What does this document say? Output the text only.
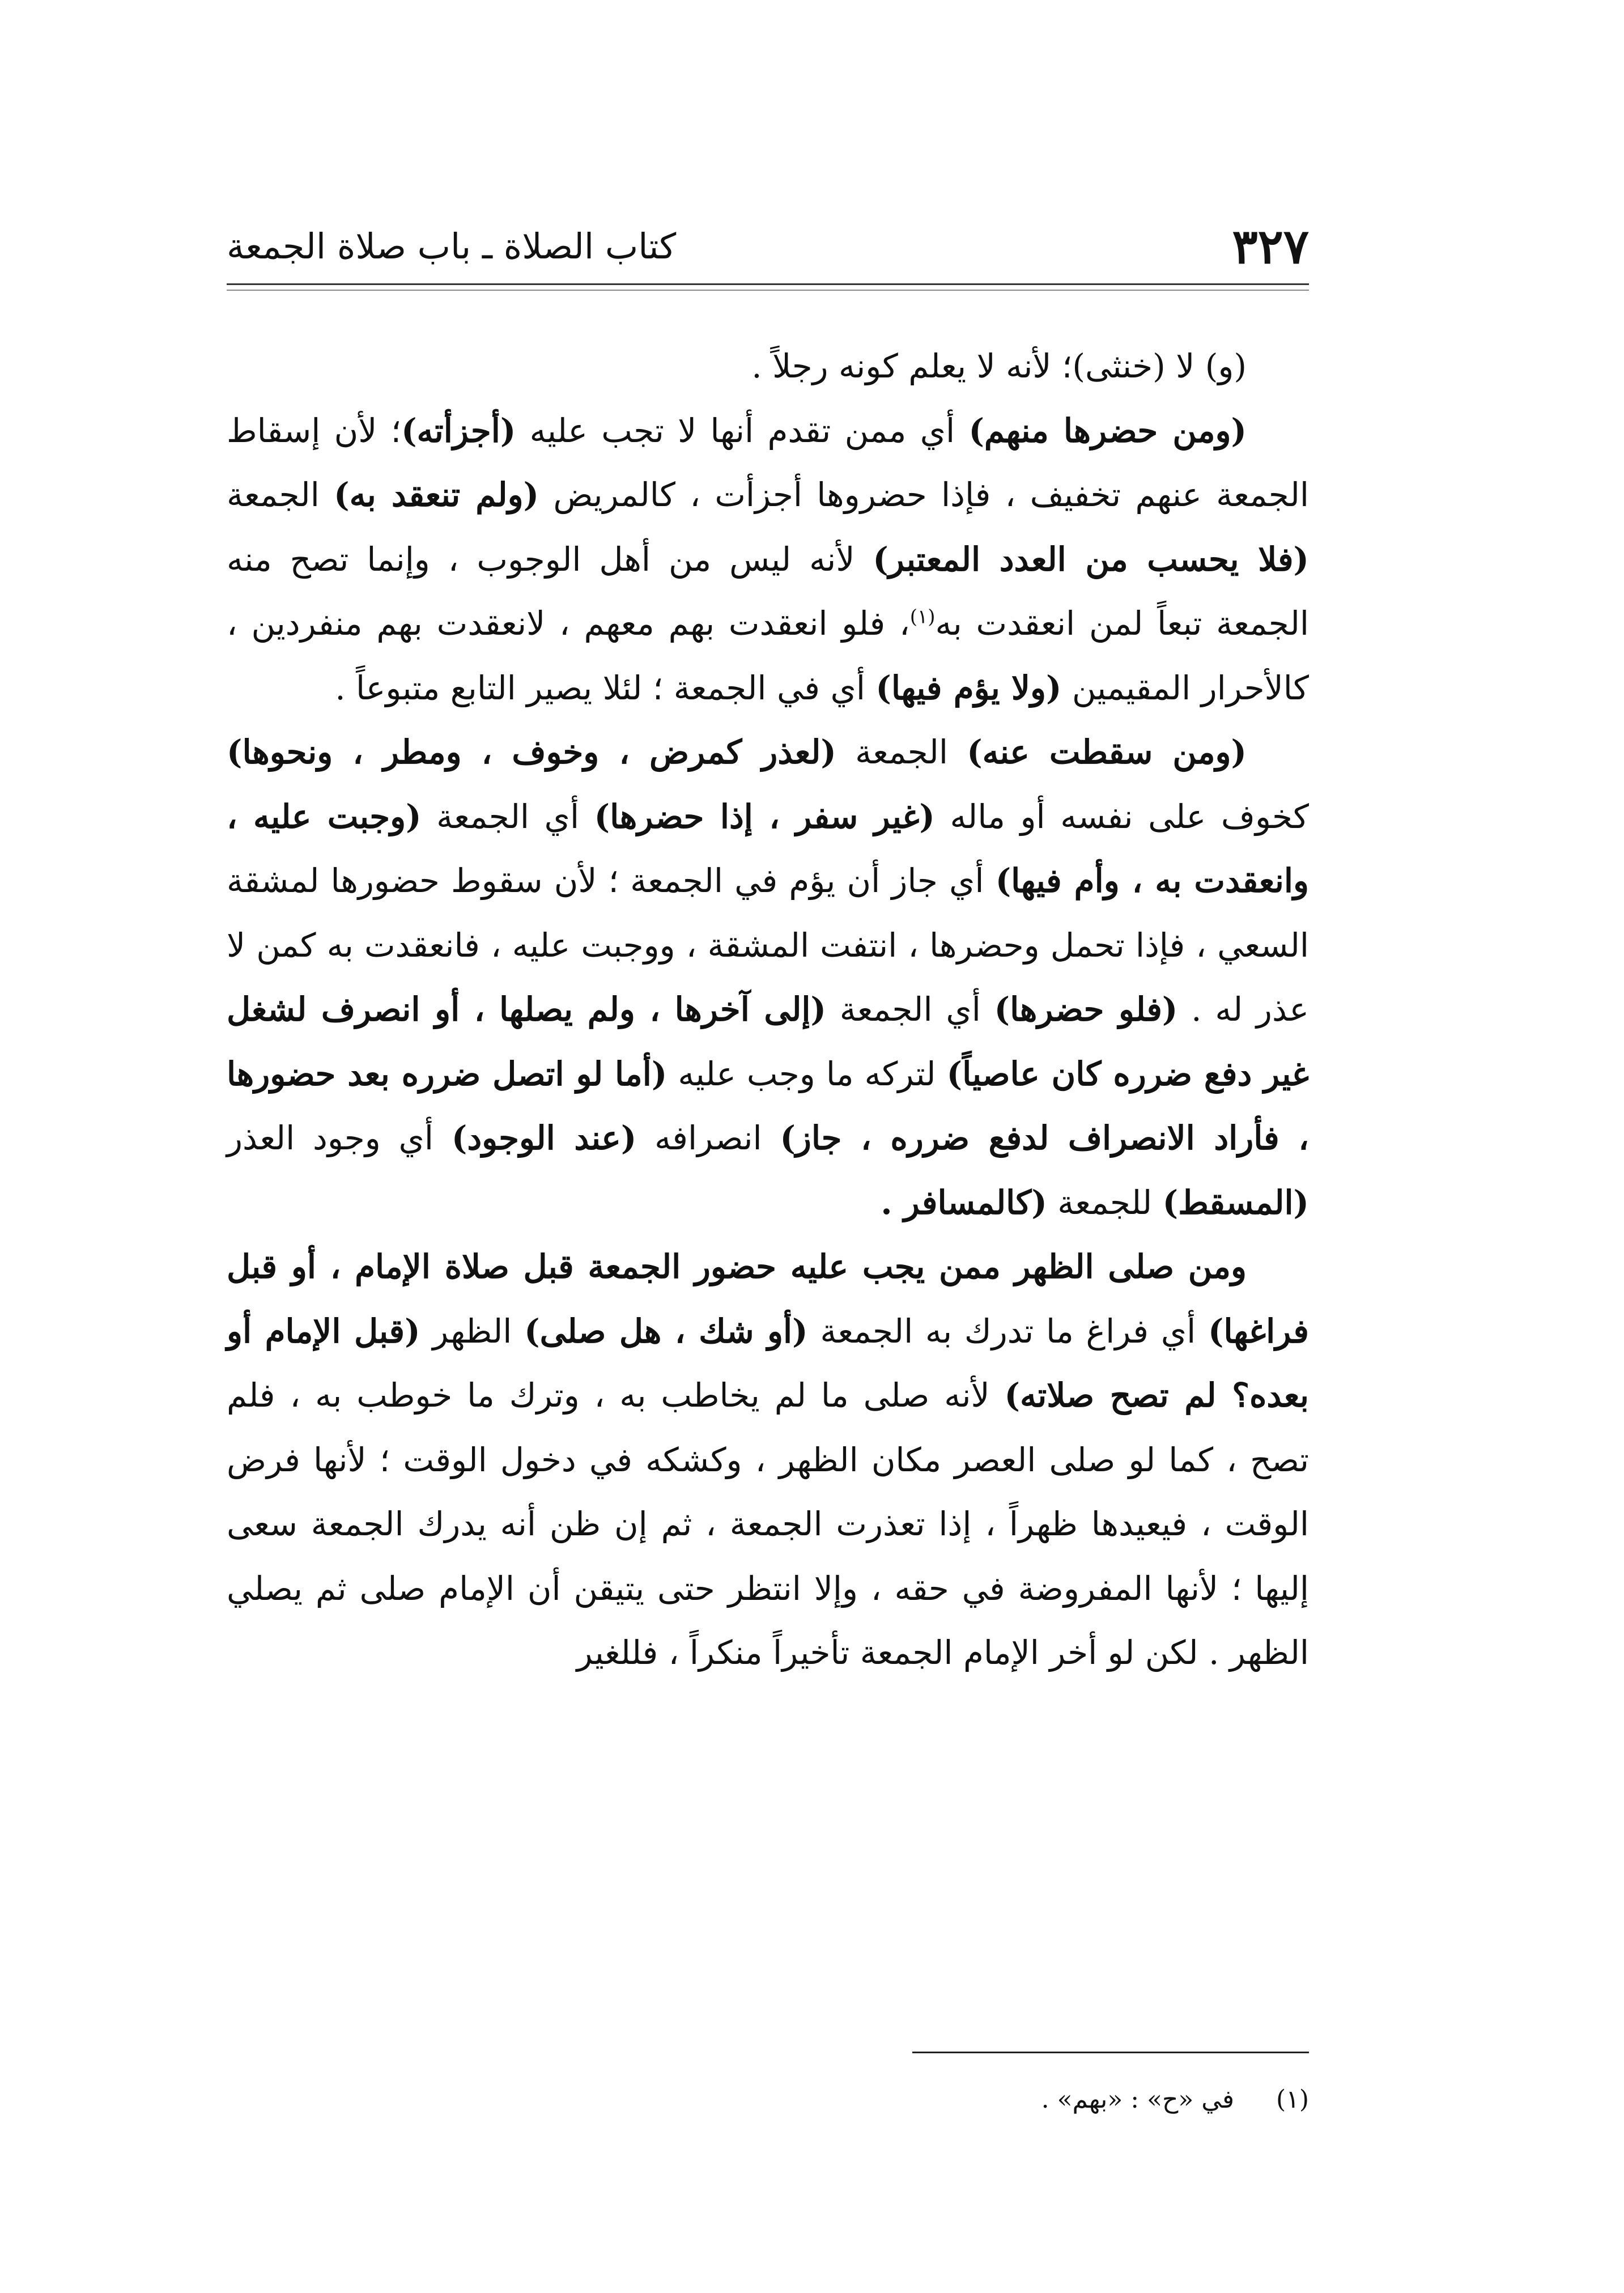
٣٢٧
كتاب الصلاة ـ باب صلاة الجمعة

(و) لا (خنثى)؛ لأنه لا يعلم كونه رجلاً .

(ومن حضرها منهم) أي ممن تقدم أنها لا تجب عليه (أجزأته)؛ لأن إسقاط الجمعة عنهم تخفيف ، فإذا حضروها أجزأت ، كالمريض (ولم تنعقد به) الجمعة (فلا يحسب من العدد المعتبر) لأنه ليس من أهل الوجوب ، وإنما تصح منه الجمعة تبعاً لمن انعقدت به$^{(١)}$، فلو انعقدت بهم معهم ، لانعقدت بهم منفردين ، كالأحرار المقيمين (ولا يؤم فيها) أي في الجمعة ؛ لئلا يصير التابع متبوعاً .

(ومن سقطت عنه) الجمعة (لعذر كمرض ، وخوف ، ومطر ، ونحوها) كخوف على نفسه أو ماله (غير سفر ، إذا حضرها) أي الجمعة (وجبت عليه ، وانعقدت به ، وأم فيها) أي جاز أن يؤم في الجمعة ؛ لأن سقوط حضورها لمشقة السعي ، فإذا تحمل وحضرها ، انتفت المشقة ، ووجبت عليه ، فانعقدت به كمن لا عذر له . (فلو حضرها) أي الجمعة (إلى آخرها ، ولم يصلها ، أو انصرف لشغل غير دفع ضرره كان عاصياً) لتركه ما وجب عليه (أما لو اتصل ضرره بعد حضورها ، فأراد الانصراف لدفع ضرره ، جاز) انصرافه (عند الوجود) أي وجود العذر (المسقط) للجمعة (كالمسافر .

ومن صلى الظهر ممن يجب عليه حضور الجمعة قبل صلاة الإمام ، أو قبل فراغها) أي فراغ ما تدرك به الجمعة (أو شك ، هل صلى) الظهر (قبل الإمام أو بعده؟ لم تصح صلاته) لأنه صلى ما لم يخاطب به ، وترك ما خوطب به ، فلم تصح ، كما لو صلى العصر مكان الظهر ، وكشكه في دخول الوقت ؛ لأنها فرض الوقت ، فيعيدها ظهراً ، إذا تعذرت الجمعة ، ثم إن ظن أنه يدرك الجمعة سعى إليها ؛ لأنها المفروضة في حقه ، وإلا انتظر حتى يتيقن أن الإمام صلى ثم يصلي الظهر . لكن لو أخر الإمام الجمعة تأخيراً منكراً ، فللغير

(١) في «ح» : «بهم» .
